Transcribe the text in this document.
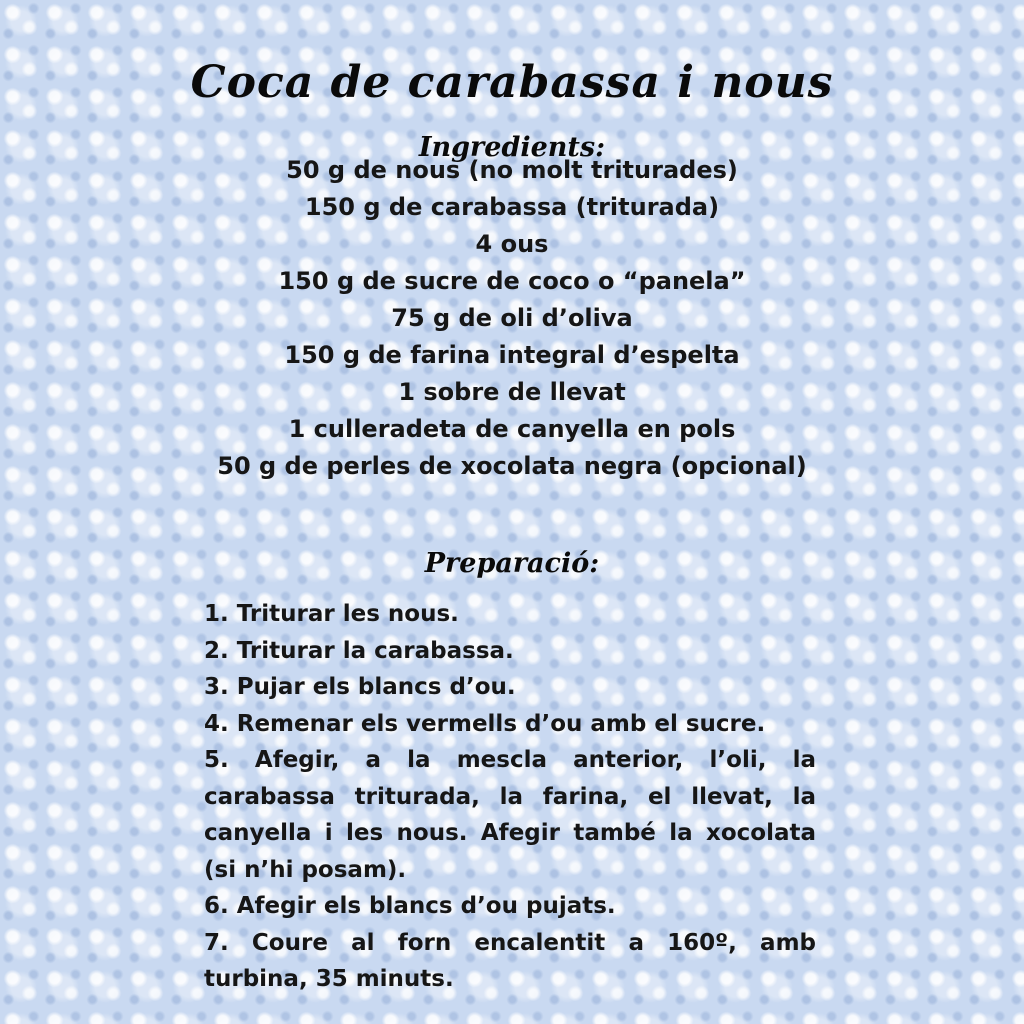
Coca de carabassa i nous
Ingredients:
50 g de nous (no molt triturades)
150 g de carabassa (triturada)
4 ous
150 g de sucre de coco o “panela”
75 g de oli d’oliva
150 g de farina integral d’espelta
1 sobre de llevat
1 culleradeta de canyella en pols
50 g de perles de xocolata negra (opcional)
Preparació:

1. Triturar les nous.

2. Triturar la carabassa.

3. Pujar els blancs d’ou.

4. Remenar els vermells d’ou amb el sucre.

5. Afegir, a la mescla anterior, l’oli, la carabassa triturada, la farina, el llevat, la canyella i les nous. Afegir també la xocolata (si n’hi posam).

6. Afegir els blancs d’ou pujats.

7. Coure al forn encalentit a 160º, amb turbina, 35 minuts.
